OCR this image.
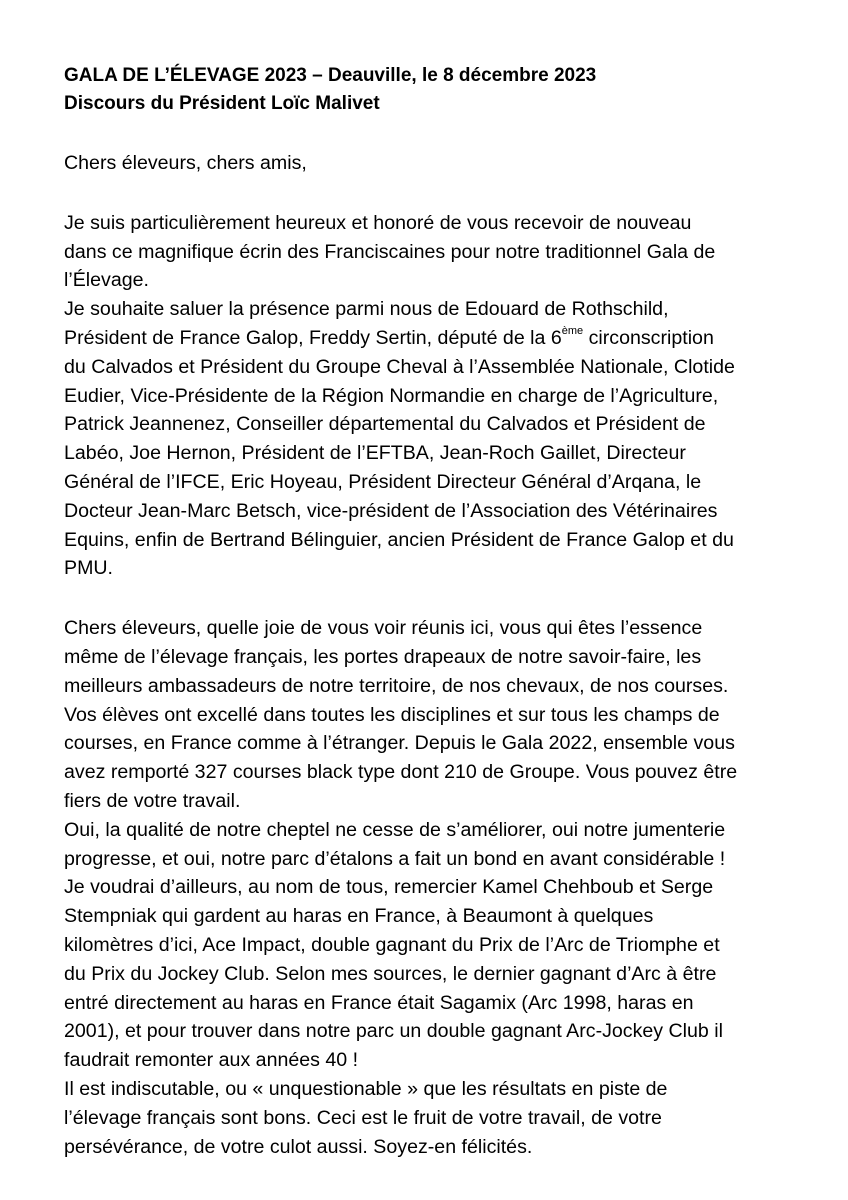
GALA DE L’ÉLEVAGE 2023 – Deauville, le 8 décembre 2023
Discours du Président Loïc Malivet
Chers éleveurs, chers amis,
Je suis particulièrement heureux et honoré de vous recevoir de nouveau
dans ce magnifique écrin des Franciscaines pour notre traditionnel Gala de
l’Élevage.
Je souhaite saluer la présence parmi nous de Edouard de Rothschild,
Président de France Galop, Freddy Sertin, député de la 6ème circonscription
du Calvados et Président du Groupe Cheval à l’Assemblée Nationale, Clotide
Eudier, Vice-Présidente de la Région Normandie en charge de l’Agriculture,
Patrick Jeannenez, Conseiller départemental du Calvados et Président de
Labéo, Joe Hernon, Président de l’EFTBA, Jean-Roch Gaillet, Directeur
Général de l’IFCE, Eric Hoyeau, Président Directeur Général d’Arqana, le
Docteur Jean-Marc Betsch, vice-président de l’Association des Vétérinaires
Equins, enfin de Bertrand Bélinguier, ancien Président de France Galop et du
PMU.
Chers éleveurs, quelle joie de vous voir réunis ici, vous qui êtes l’essence
même de l’élevage français, les portes drapeaux de notre savoir-faire, les
meilleurs ambassadeurs de notre territoire, de nos chevaux, de nos courses.
Vos élèves ont excellé dans toutes les disciplines et sur tous les champs de
courses, en France comme à l’étranger. Depuis le Gala 2022, ensemble vous
avez remporté 327 courses black type dont 210 de Groupe. Vous pouvez être
fiers de votre travail.
Oui, la qualité de notre cheptel ne cesse de s’améliorer, oui notre jumenterie
progresse, et oui, notre parc d’étalons a fait un bond en avant considérable !
Je voudrai d’ailleurs, au nom de tous, remercier Kamel Chehboub et Serge
Stempniak qui gardent au haras en France, à Beaumont à quelques
kilomètres d’ici, Ace Impact, double gagnant du Prix de l’Arc de Triomphe et
du Prix du Jockey Club. Selon mes sources, le dernier gagnant d’Arc à être
entré directement au haras en France était Sagamix (Arc 1998, haras en
2001), et pour trouver dans notre parc un double gagnant Arc-Jockey Club il
faudrait remonter aux années 40 !
Il est indiscutable, ou « unquestionable » que les résultats en piste de
l’élevage français sont bons. Ceci est le fruit de votre travail, de votre
persévérance, de votre culot aussi. Soyez-en félicités.
